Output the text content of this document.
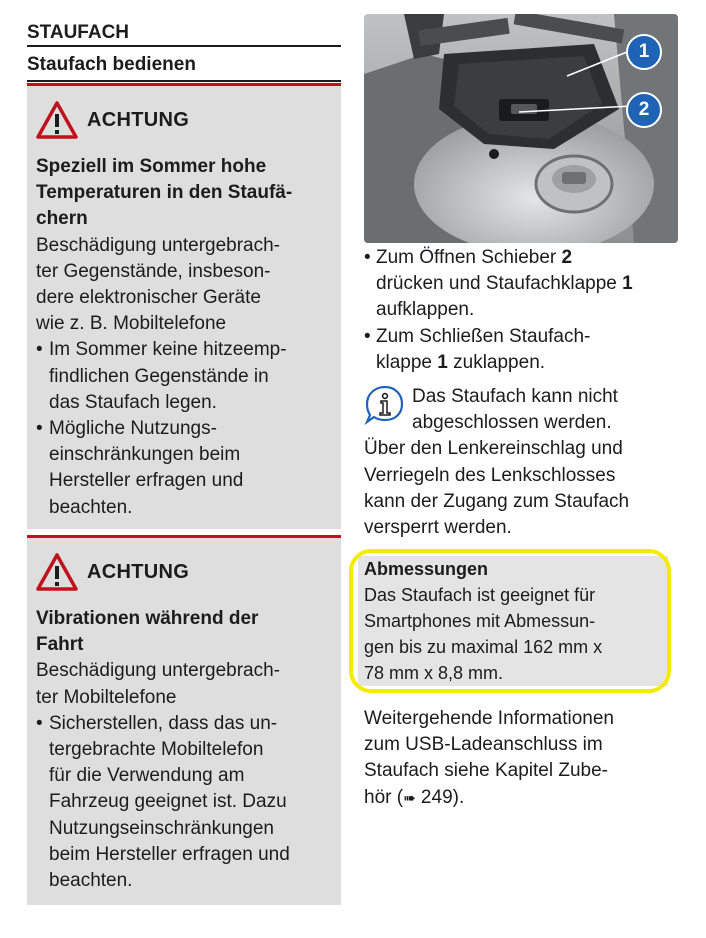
STAUFACH
Staufach bedienen
ACHTUNG
Speziell im Sommer hohe
Temperaturen in den Staufä-
chern
Beschädigung untergebrach-
ter Gegenstände, insbeson-
dere elektronischer Geräte
wie z. B. Mobiltelefone
• Im Sommer keine hitzeemp-
findlichen Gegenstände in
das Staufach legen.
• Mögliche Nutzungs-
einschränkungen beim
Hersteller erfragen und
beachten.
ACHTUNG
Vibrationen während der
Fahrt
Beschädigung untergebrach-
ter Mobiltelefone
• Sicherstellen, dass das un-
tergebrachte Mobiltelefon
für die Verwendung am
Fahrzeug geeignet ist. Dazu
Nutzungseinschränkungen
beim Hersteller erfragen und
beachten.
1
2
• Zum Öffnen Schieber 2
drücken und Staufachklappe 1
aufklappen.
• Zum Schließen Staufach-
klappe 1 zuklappen.
Das Staufach kann nicht
abgeschlossen werden.
Über den Lenkereinschlag und
Verriegeln des Lenkschlosses
kann der Zugang zum Staufach
versperrt werden.
Abmessungen
Das Staufach ist geeignet für
Smartphones mit Abmessun-
gen bis zu maximal 162 mm x
78 mm x 8,8 mm.
Weitergehende Informationen
zum USB-Ladeanschluss im
Staufach siehe Kapitel Zube-
hör (➠ 249).
